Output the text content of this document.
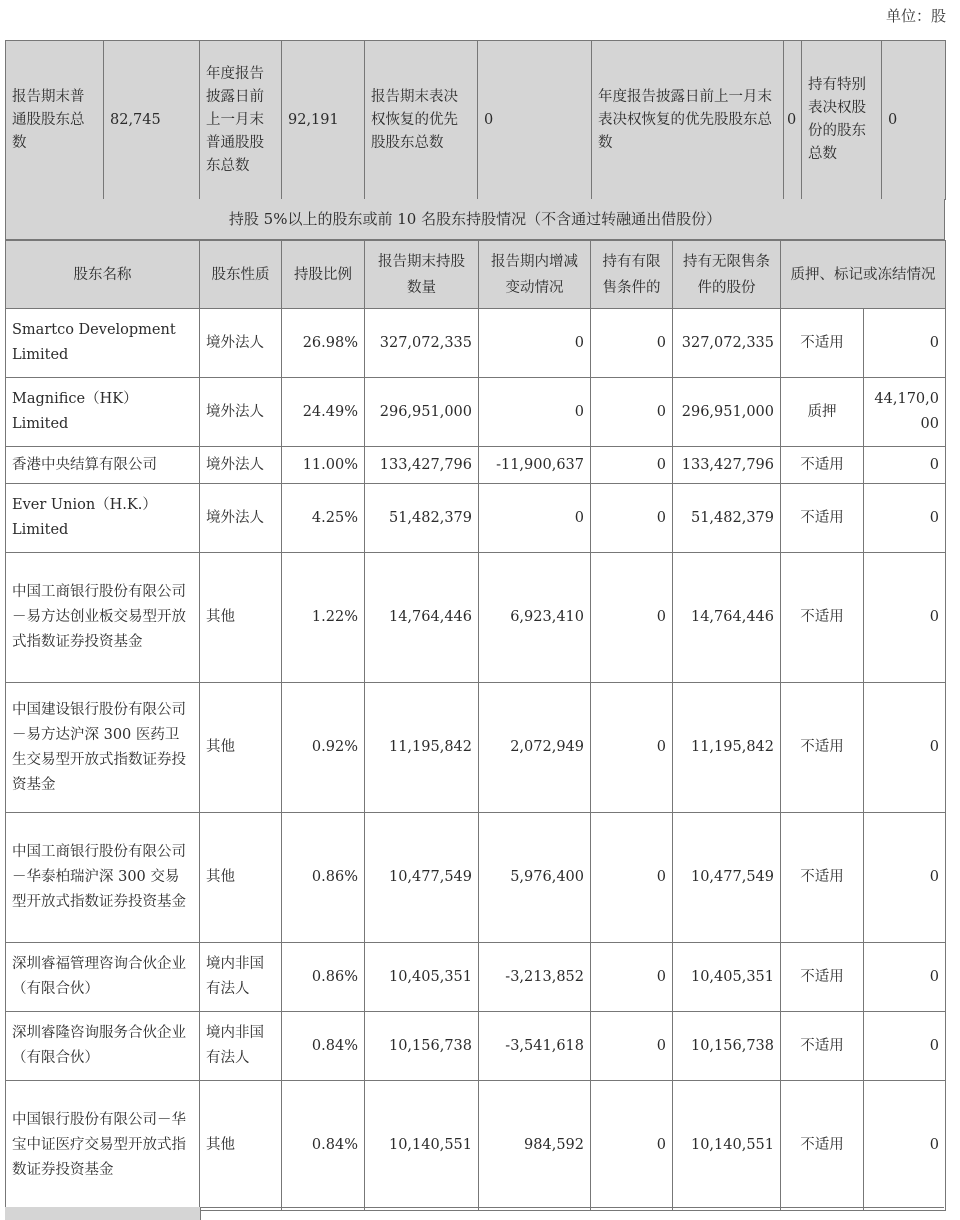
单位：股

报告期末普通股股东总数	82,745	年度报告披露日前上一月末普通股股东总数	92,191	报告期末表决权恢复的优先股股东总数	0	年度报告披露日前上一月末表决权恢复的优先股股东总数	0	持有特别表决权股份的股东总数	0
持股 5%以上的股东或前 10 名股东持股情况（不含通过转融通出借股份）

股东名称	股东性质	持股比例	报告期末持股数量	报告期内增减变动情况	持有有限售条件的	持有无限售条件的股份	质押、标记或冻结情况	
Smartco Development Limited	境外法人	26.98%	327,072,335	0	0	327,072,335	不适用	0
Magnifice（HK） Limited	境外法人	24.49%	296,951,000	0	0	296,951,000	质押	44,170,000
香港中央结算有限公司	境外法人	11.00%	133,427,796	-11,900,637	0	133,427,796	不适用	0
Ever Union（H.K.） Limited	境外法人	4.25%	51,482,379	0	0	51,482,379	不适用	0
中国工商银行股份有限公司－易方达创业板交易型开放式指数证券投资基金	其他	1.22%	14,764,446	6,923,410	0	14,764,446	不适用	0
中国建设银行股份有限公司－易方达沪深 300 医药卫生交易型开放式指数证券投资基金	其他	0.92%	11,195,842	2,072,949	0	11,195,842	不适用	0
中国工商银行股份有限公司－华泰柏瑞沪深 300 交易型开放式指数证券投资基金	其他	0.86%	10,477,549	5,976,400	0	10,477,549	不适用	0
深圳睿福管理咨询合伙企业（有限合伙）	境内非国有法人	0.86%	10,405,351	-3,213,852	0	10,405,351	不适用	0
深圳睿隆咨询服务合伙企业（有限合伙）	境内非国有法人	0.84%	10,156,738	-3,541,618	0	10,156,738	不适用	0
中国银行股份有限公司－华宝中证医疗交易型开放式指数证券投资基金	其他	0.84%	10,140,551	984,592	0	10,140,551	不适用	0
